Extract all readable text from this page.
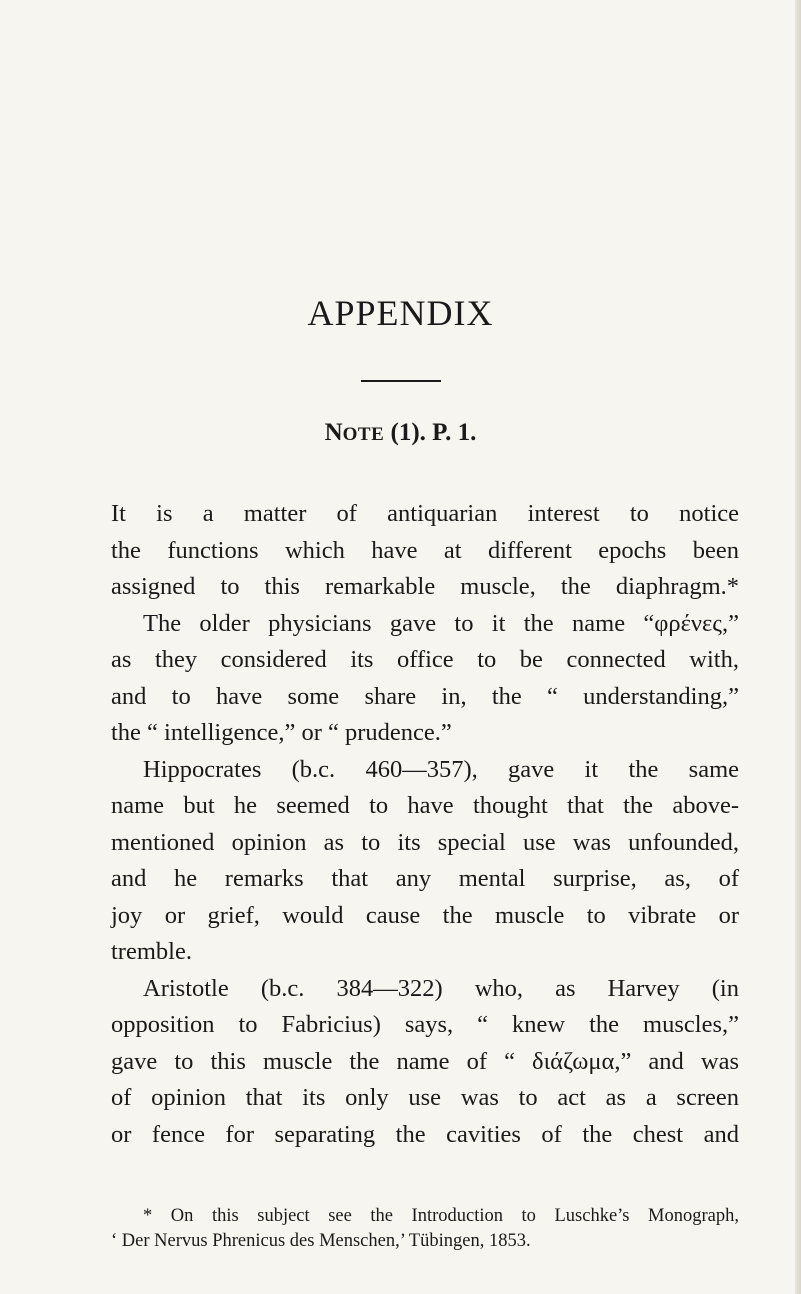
APPENDIX
NOTE (1). P. 1.
It is a matter of antiquarian interest to notice
the functions which have at different epochs been
assigned to this remarkable muscle, the diaphragm.*
The older physicians gave to it the name “φρένες,”
as they considered its office to be connected with,
and to have some share in, the “ understanding,”
the “ intelligence,” or “ prudence.”
Hippocrates (b.c. 460—357), gave it the same
name but he seemed to have thought that the above-
mentioned opinion as to its special use was unfounded,
and he remarks that any mental surprise, as, of
joy or grief, would cause the muscle to vibrate or
tremble.
Aristotle (b.c. 384—322) who, as Harvey (in
opposition to Fabricius) says, “ knew the muscles,”
gave to this muscle the name of “ διάζωμα,” and was
of opinion that its only use was to act as a screen
or fence for separating the cavities of the chest and
* On this subject see the Introduction to Luschke’s Monograph,
‘ Der Nervus Phrenicus des Menschen,’ Tübingen, 1853.
